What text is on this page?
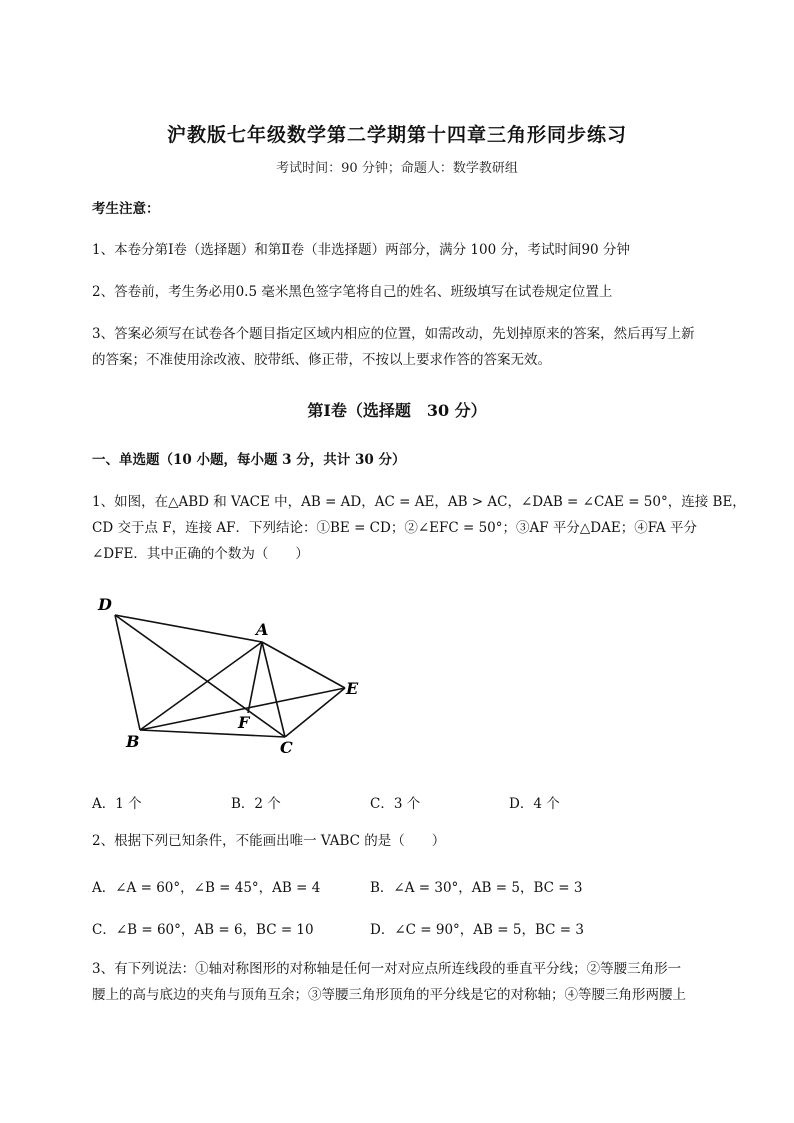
沪教版七年级数学第二学期第十四章三角形同步练习
考试时间：90 分钟；命题人：数学教研组
考生注意：
1、本卷分第Ⅰ卷（选择题）和第Ⅱ卷（非选择题）两部分，满分 100 分，考试时间90 分钟
2、答卷前，考生务必用0.5 毫米黑色签字笔将自己的姓名、班级填写在试卷规定位置上
3、答案必须写在试卷各个题目指定区域内相应的位置，如需改动，先划掉原来的答案，然后再写上新
的答案；不准使用涂改液、胶带纸、修正带，不按以上要求作答的答案无效。
第Ⅰ卷（选择题　30 分）
一、单选题（10 小题，每小题 3 分，共计 30 分）
1、如图，在△ABD 和 VACE 中，AB = AD，AC = AE，AB > AC，∠DAB = ∠CAE = 50°，连接 BE，
CD 交于点 F，连接 AF．下列结论：①BE = CD；②∠EFC = 50°；③AF 平分△DAE；④FA 平分
∠DFE．其中正确的个数为（　　）
D
A
E
F
B	C
A．1 个	B．2 个	C．3 个	D．4 个
2、根据下列已知条件，不能画出唯一 VABC 的是（　　）
A．∠A = 60°，∠B = 45°，AB = 4	B．∠A = 30°，AB = 5，BC = 3
C．∠B = 60°，AB = 6，BC = 10	D．∠C = 90°，AB = 5，BC = 3
3、有下列说法：①轴对称图形的对称轴是任何一对对应点所连线段的垂直平分线；②等腰三角形一
腰上的高与底边的夹角与顶角互余；③等腰三角形顶角的平分线是它的对称轴；④等腰三角形两腰上
